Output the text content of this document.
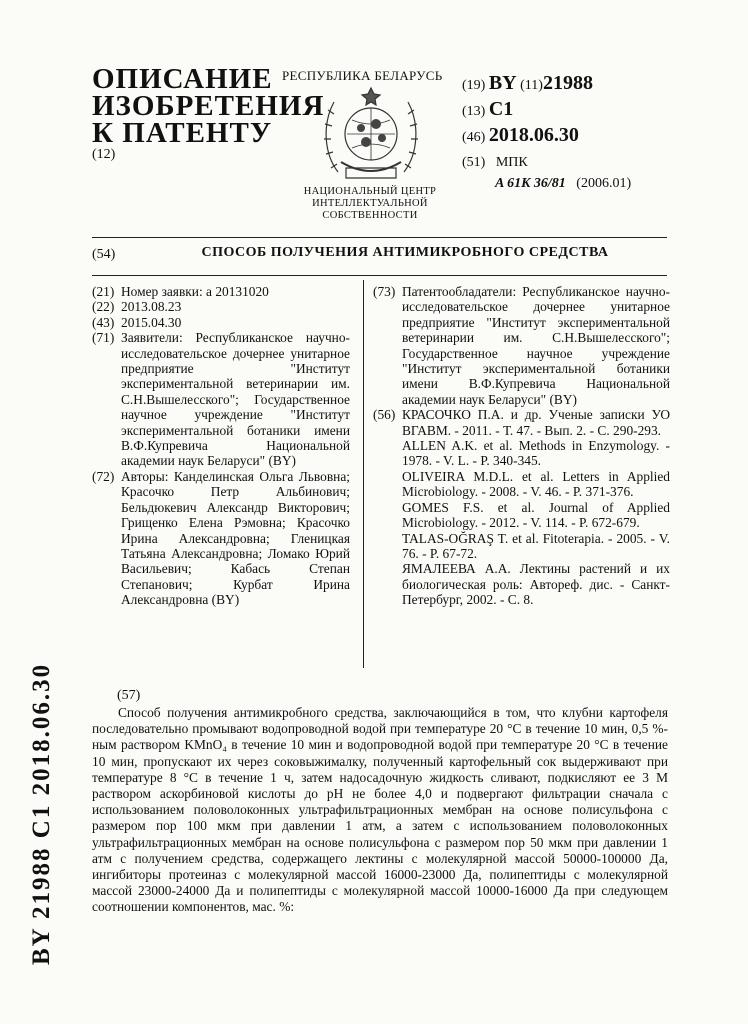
ОПИСАНИЕ
ИЗОБРЕТЕНИЯ
К ПАТЕНТУ
(12)
РЕСПУБЛИКА БЕЛАРУСЬ
НАЦИОНАЛЬНЫЙ ЦЕНТР ИНТЕЛЛЕКТУАЛЬНОЙ СОБСТВЕННОСТИ
(19) BY (11)21988
(13) C1
(46) 2018.06.30
(51) МПК
A 61K 36/81 (2006.01)
(54)	СПОСОБ ПОЛУЧЕНИЯ АНТИМИКРОБНОГО СРЕДСТВА
(21) Номер заявки: а 20131020
(22) 2013.08.23
(43) 2015.04.30
(71) Заявители: Республиканское научно-исследовательское дочернее унитарное предприятие "Институт экспериментальной ветеринарии им. С.Н.Вышелесского"; Государственное научное учреждение "Институт экспериментальной ботаники имени В.Ф.Купревича Национальной академии наук Беларуси" (BY)
(72) Авторы: Канделинская Ольга Львовна; Красочко Петр Альбинович; Бельдюкевич Александр Викторович; Грищенко Елена Рэмовна; Красочко Ирина Александровна; Гленицкая Татьяна Александровна; Ломако Юрий Васильевич; Кабась Степан Степанович; Курбат Ирина Александровна (BY)
(73) Патентообладатели: Республиканское научно-исследовательское дочернее унитарное предприятие "Институт экспериментальной ветеринарии им. С.Н.Вышелесского"; Государственное научное учреждение "Институт экспериментальной ботаники имени В.Ф.Купревича Национальной академии наук Беларуси" (BY)
(56) КРАСОЧКО П.А. и др. Ученые записки УО ВГАВМ. - 2011. - Т. 47. - Вып. 2. - С. 290-293.

ALLEN A.K. et al. Methods in Enzymology. - 1978. - V. L. - P. 340-345.

OLIVEIRA M.D.L. et al. Letters in Applied Microbiology. - 2008. - V. 46. - P. 371-376.

GOMES F.S. et al. Journal of Applied Microbiology. - 2012. - V. 114. - P. 672-679.

TALAS-OĞRAŞ T. et al. Fitoterapia. - 2005. - V. 76. - P. 67-72.

ЯМАЛЕЕВА А.А. Лектины растений и их биологическая роль: Автореф. дис. - Санкт-Петербург, 2002. - С. 8.

BY 21988 C1 2018.06.30	(57)
Способ получения антимикробного средства, заключающийся в том, что клубни картофеля последовательно промывают водопроводной водой при температуре 20 °С в течение 10 мин, 0,5 %-ным раствором KMnO₄ в течение 10 мин и водопроводной водой при температуре 20 °С в течение 10 мин, пропускают их через соковыжималку, полученный картофельный сок выдерживают при температуре 8 °С в течение 1 ч, затем надосадочную жидкость сливают, подкисляют ее 3 М раствором аскорбиновой кислоты до pH не более 4,0 и подвергают фильтрации сначала с использованием половолоконных ультрафильтрационных мембран на основе полисульфона с размером пор 100 мкм при давлении 1 атм, а затем с использованием половолоконных ультрафильтрационных мембран на основе полисульфона с размером пор 50 мкм при давлении 1 атм с получением средства, содержащего лектины с молекулярной массой 50000-100000 Да, ингибиторы протеиназ с молекулярной массой 16000-23000 Да, полипептиды с молекулярной массой 23000-24000 Да и полипептиды с молекулярной массой 10000-16000 Да при следующем соотношении компонентов, мас. %:
